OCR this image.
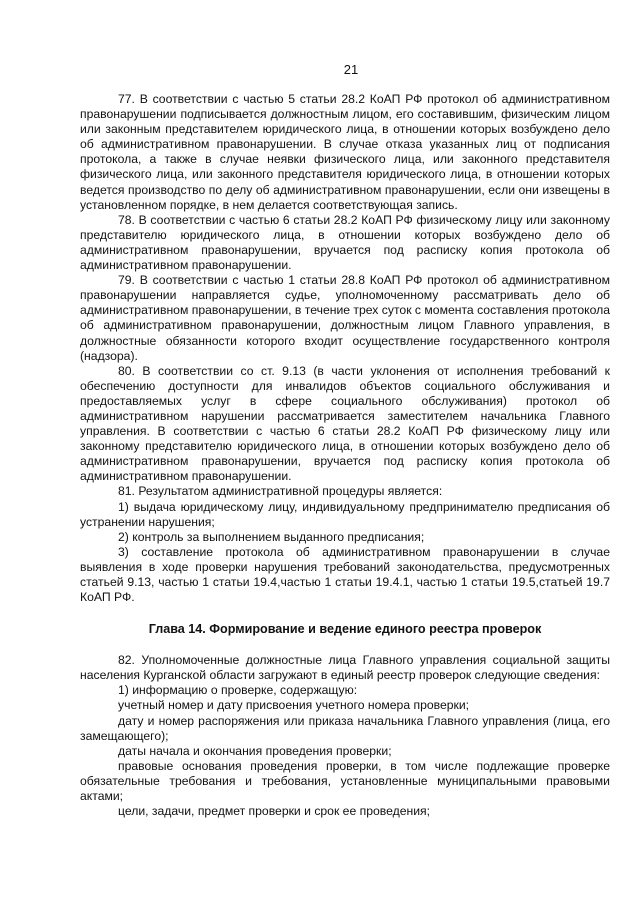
21

77. В соответствии с частью 5 статьи 28.2 КоАП РФ протокол об административном правонарушении подписывается должностным лицом, его составившим, физическим лицом или законным представителем юридического лица, в отношении которых возбуждено дело об административном правонарушении. В случае отказа указанных лиц от подписания протокола, а также в случае неявки физического лица, или законного представителя физического лица, или законного представителя юридического лица, в отношении которых ведется производство по делу об административном правонарушении, если они извещены в установленном порядке, в нем делается соответствующая запись.

78. В соответствии с частью 6 статьи 28.2 КоАП РФ физическому лицу или законному представителю юридического лица, в отношении которых возбуждено дело об административном правонарушении, вручается под расписку копия протокола об административном правонарушении.

79. В соответствии с частью 1 статьи 28.8 КоАП РФ протокол об административном правонарушении направляется судье, уполномоченному рассматривать дело об административном правонарушении, в течение трех суток с момента составления протокола об административном правонарушении, должностным лицом Главного управления, в должностные обязанности которого входит осуществление государственного контроля (надзора).

80. В соответствии со ст. 9.13 (в части уклонения от исполнения требований к обеспечению доступности для инвалидов объектов социального обслуживания и предоставляемых услуг в сфере социального обслуживания) протокол об административном нарушении рассматривается заместителем начальника Главного управления. В соответствии с частью 6 статьи 28.2 КоАП РФ физическому лицу или законному представителю юридического лица, в отношении которых возбуждено дело об административном правонарушении, вручается под расписку копия протокола об административном правонарушении.

81. Результатом административной процедуры является:

1) выдача юридическому лицу, индивидуальному предпринимателю предписания об устранении нарушения;

2) контроль за выполнением выданного предписания;

3) составление протокола об административном правонарушении в случае выявления в ходе проверки нарушения требований законодательства, предусмотренных статьей 9.13, частью 1 статьи 19.4,частью 1 статьи 19.4.1, частью 1 статьи 19.5,статьей 19.7 КоАП РФ.

Глава 14. Формирование и ведение единого реестра проверок

82. Уполномоченные должностные лица Главного управления социальной защиты населения Курганской области загружают в единый реестр проверок следующие сведения:

1) информацию о проверке, содержащую:

учетный номер и дату присвоения учетного номера проверки;

дату и номер распоряжения или приказа начальника Главного управления (лица, его замещающего);

даты начала и окончания проведения проверки;

правовые основания проведения проверки, в том числе подлежащие проверке обязательные требования и требования, установленные муниципальными правовыми актами;

цели, задачи, предмет проверки и срок ее проведения;
